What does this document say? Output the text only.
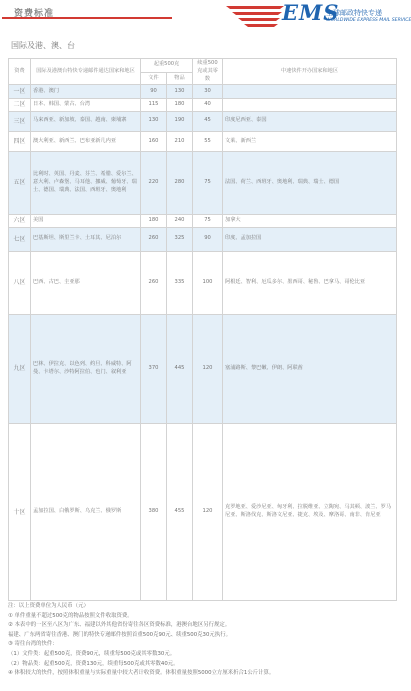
资费标准	EMS
全球邮政特快专递
WORLDWIDE EXPRESS MAIL SERVICE
国际及港、澳、台
资费	国际及港澳台特快专递邮件通达国家和地区	起重500克		续重500克或其零数	中速快件开办国家和地区
		文件	物品		
一区	香港、澳门	90	130	30	
二区	日本、韩国、蒙古、台湾	115	180	40	
三区	马来西亚、新加坡、泰国、越南、柬埔寨	130	190	45	印度尼西亚、泰国
四区	澳大利亚、新西兰、巴布亚新几内亚	160	210	55	文莱、新西兰
五区	比利时、英国、丹麦、芬兰、希腊、爱尔兰、意大利、卢森堡、马耳他、挪威、葡萄牙、瑞士、德国、瑞典、法国、西班牙、奥地利	220	280	75	法国、荷兰、西班牙、奥地利、瑞典、瑞士、德国
六区	美国	180	240	75	加拿大
七区	巴基斯坦、斯里兰卡、土耳其、尼泊尔	260	325	90	印度、孟加拉国
八区	巴西、古巴、圭亚那	260	335	100	阿根廷、智利、厄瓜多尔、墨西哥、秘鲁、巴拿马、哥伦比亚
九区	巴林、伊拉克、以色列、约旦、科威特、阿曼、卡塔尔、沙特阿拉伯、也门、叙利亚	370	445	120	塞浦路斯、黎巴嫩、伊朗、阿联酋
十区	孟加拉国、白俄罗斯、乌克兰、俄罗斯	380	455	120	克罗地亚、爱沙尼亚、匈牙利、拉脱维亚、立陶宛、马其顿、波兰、罗马尼亚、斯洛伐克、斯洛文尼亚、捷克、埃及、摩洛哥、南非、肯尼亚
注：以上资费单位为人民币（元）
① 单件重量不超过500克的物品按照文件收取资费。
② 本表中的一区至八区为广东、福建以外其他省份寄往各区资费标准，港澳台地区另行规定。
福建、广东两省寄往香港、澳门的特快专递邮件按照首重500克90元、续重500克30元执行。
③ 寄往台湾的快件：
（1）文件类：起重500克，资费90元，续重每500克或其零数30元。
（2）物品类：起重500克，资费130元，续重每500克或其零数40元。
④ 体积较大的快件，按照体积重量与实际重量中较大者计收资费。体积重量按照5000立方厘米折合1公斤计算。
